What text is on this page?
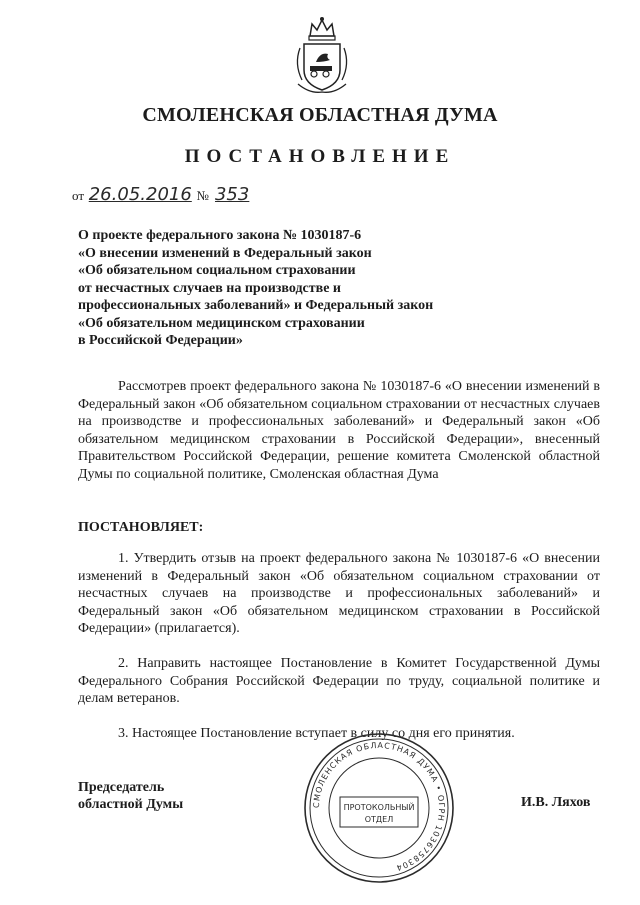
СМОЛЕНСКАЯ ОБЛАСТНАЯ ДУМА
ПОСТАНОВЛЕНИЕ
от 26.05.2016 № 353
О проекте федерального закона № 1030187-6
«О внесении изменений в Федеральный закон
«Об обязательном социальном страховании
от несчастных случаев на производстве и
профессиональных заболеваний» и Федеральный закон
«Об обязательном медицинском страховании
в Российской Федерации»
Рассмотрев проект федерального закона № 1030187-6 «О внесении изменений в Федеральный закон «Об обязательном социальном страховании от несчастных случаев на производстве и профессиональных заболеваний» и Федеральный закон «Об обязательном медицинском страховании в Российской Федерации», внесенный Правительством Российской Федерации, решение комитета Смоленской областной Думы по социальной политике, Смоленская областная Дума
ПОСТАНОВЛЯЕТ:
1. Утвердить отзыв на проект федерального закона № 1030187-6 «О внесении изменений в Федеральный закон «Об обязательном социальном страховании от несчастных случаев на производстве и профессиональных заболеваний» и Федеральный закон «Об обязательном медицинском страховании в Российской Федерации» (прилагается).
2. Направить настоящее Постановление в Комитет Государственной Думы Федерального Собрания Российской Федерации по труду, социальной политике и делам ветеранов.
3. Настоящее Постановление вступает в силу со дня его принятия.
Председатель
областной Думы	И.В. Ляхов
СМОЛЕНСКАЯ ОБЛАСТНАЯ ДУМА • ОГРН 1036758304
ПРОТОКОЛЬНЫЙ
ОТДЕЛ
